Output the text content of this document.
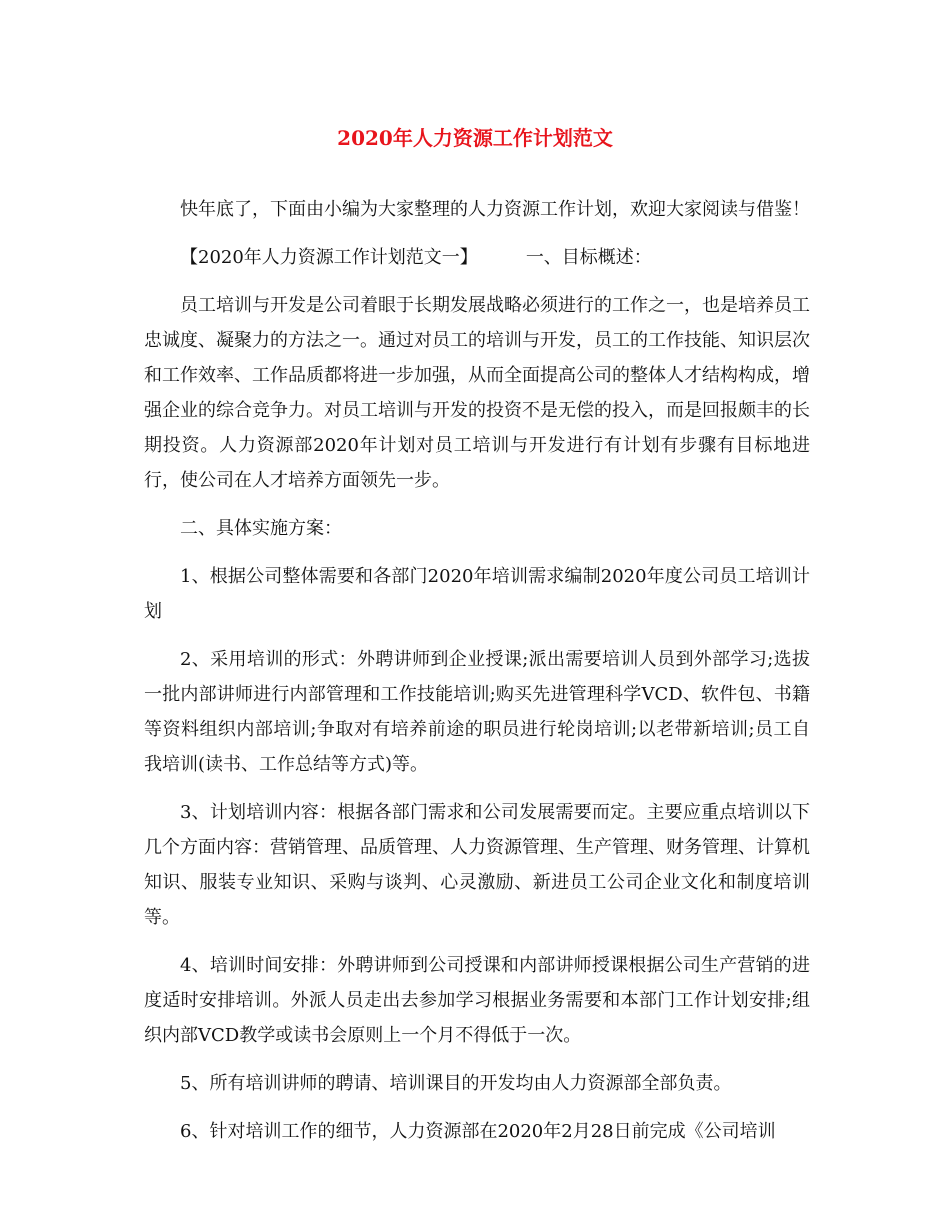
2020年人力资源工作计划范文

快年底了，下面由小编为大家整理的人力资源工作计划，欢迎大家阅读与借鉴！

【2020年人力资源工作计划范文一】	一、目标概述：

员工培训与开发是公司着眼于长期发展战略必须进行的工作之一，也是培养员工忠诚度、凝聚力的方法之一。通过对员工的培训与开发，员工的工作技能、知识层次和工作效率、工作品质都将进一步加强，从而全面提高公司的整体人才结构构成，增强企业的综合竞争力。对员工培训与开发的投资不是无偿的投入，而是回报颇丰的长期投资。人力资源部2020年计划对员工培训与开发进行有计划有步骤有目标地进行，使公司在人才培养方面领先一步。

二、具体实施方案：

1、根据公司整体需要和各部门2020年培训需求编制2020年度公司员工培训计划

2、采用培训的形式：外聘讲师到企业授课;派出需要培训人员到外部学习;选拔一批内部讲师进行内部管理和工作技能培训;购买先进管理科学VCD、软件包、书籍等资料组织内部培训;争取对有培养前途的职员进行轮岗培训;以老带新培训;员工自我培训(读书、工作总结等方式)等。

3、计划培训内容：根据各部门需求和公司发展需要而定。主要应重点培训以下几个方面内容：营销管理、品质管理、人力资源管理、生产管理、财务管理、计算机知识、服装专业知识、采购与谈判、心灵激励、新进员工公司企业文化和制度培训等。

4、培训时间安排：外聘讲师到公司授课和内部讲师授课根据公司生产营销的进度适时安排培训。外派人员走出去参加学习根据业务需要和本部门工作计划安排;组织内部VCD教学或读书会原则上一个月不得低于一次。

5、所有培训讲师的聘请、培训课目的开发均由人力资源部全部负责。

6、针对培训工作的细节，人力资源部在2020年2月28日前完成《公司培训
